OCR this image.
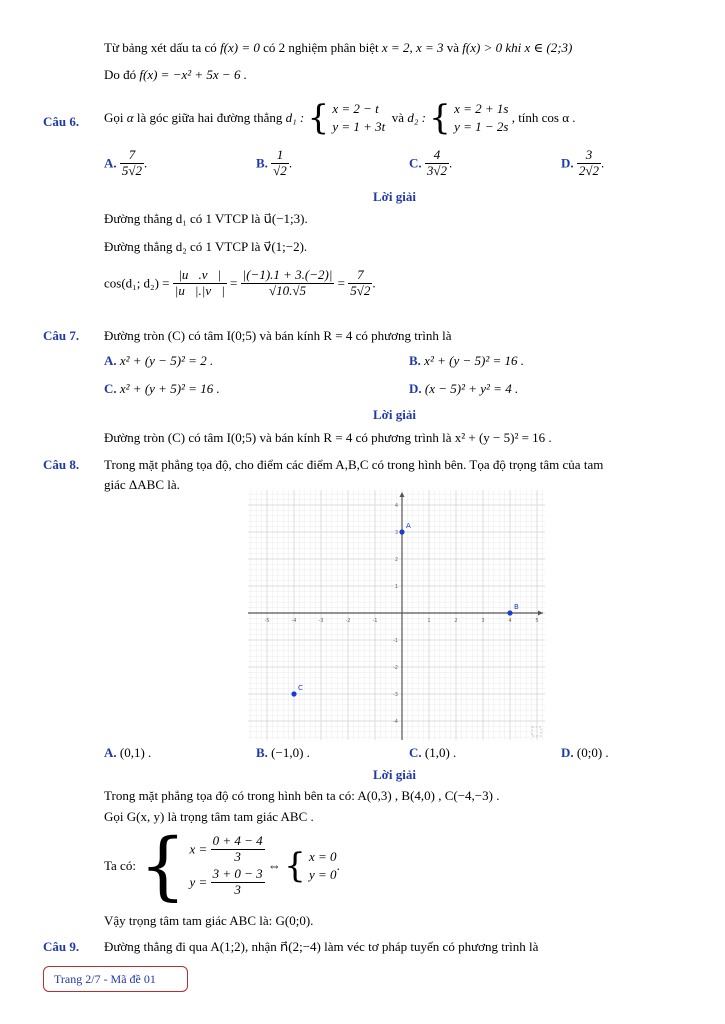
Từ bảng xét dấu ta có f(x) = 0 có 2 nghiệm phân biệt x = 2, x = 3 và f(x) > 0 khi x ∈ (2;3)
Do đó f(x) = −x² + 5x − 6 .
Câu 6. Gọi α là góc giữa hai đường thẳng d₁ : { x = 2 − t
y = 1 + 3t  và d₂ : { x = 2 + 1s
y = 1 − 2s , tính cos α .
A. $\frac{7}{5√2}$ .	B. $\frac{1}{√2}$ .	C. $\frac{4}{3√2}$ .	D. $\frac{3}{2√2}$ .
Lời giải
Đường thẳng d₁ có 1 VTCP là u⃗(−1;3).
Đường thẳng d₂ có 1 VTCP là v⃗(1;−2).
cos(d₁; $d_2) = \frac{|u⃗.v⃗|}{|u⃗|.|v⃗|} = \frac{|(-1).1 + 3.(-2)|}{√10.√5} = \frac{7}{5√2}$ .
Câu 7. Đường tròn (C) có tâm I(0;5) và bán kính R = 4 có phương trình là
A. x² + (y − 5)² = 2 .	B. x² + (y − 5)² = 16 .
C. x² + (y + 5)² = 16 .	D. (x − 5)² + y² = 4 .
Lời giải
Đường tròn (C) có tâm I(0;5) và bán kính R = 4 có phương trình là x² + (y − 5)² = 16 .
Câu 8. Trong mặt phẳng tọa độ, cho điểm các điểm A,B,C có trong hình bên. Tọa độ trọng tâm của tam
giác ΔABC là.
-5	-4	-3	-2	-1	1	2	3	4	5
4
3
2
1
-1
-2
-3
-4
A
B
C
A. (0,1) .	B. (−1,0) .	C. (1,0) .	D. (0;0) .
Lời giải
Trong mặt phẳng tọa độ có trong hình bên ta có: A(0,3) , B(4,0) , C(−4,−3) .
Gọi G(x, y) là trọng tâm tam giác ABC .
Ta có: { $x = \frac{0 + 4 - 4}{3}$
$y = \frac{3 + 0 - 3}{3}$
⇔ { x = 0
y = 0.
Vậy trọng tâm tam giác ABC là: G(0;0).
Câu 9. Đường thẳng đi qua A(1;2), nhận n⃗(2;−4) làm véc tơ pháp tuyến có phương trình là
Trang 2/7 - Mã đề 01
